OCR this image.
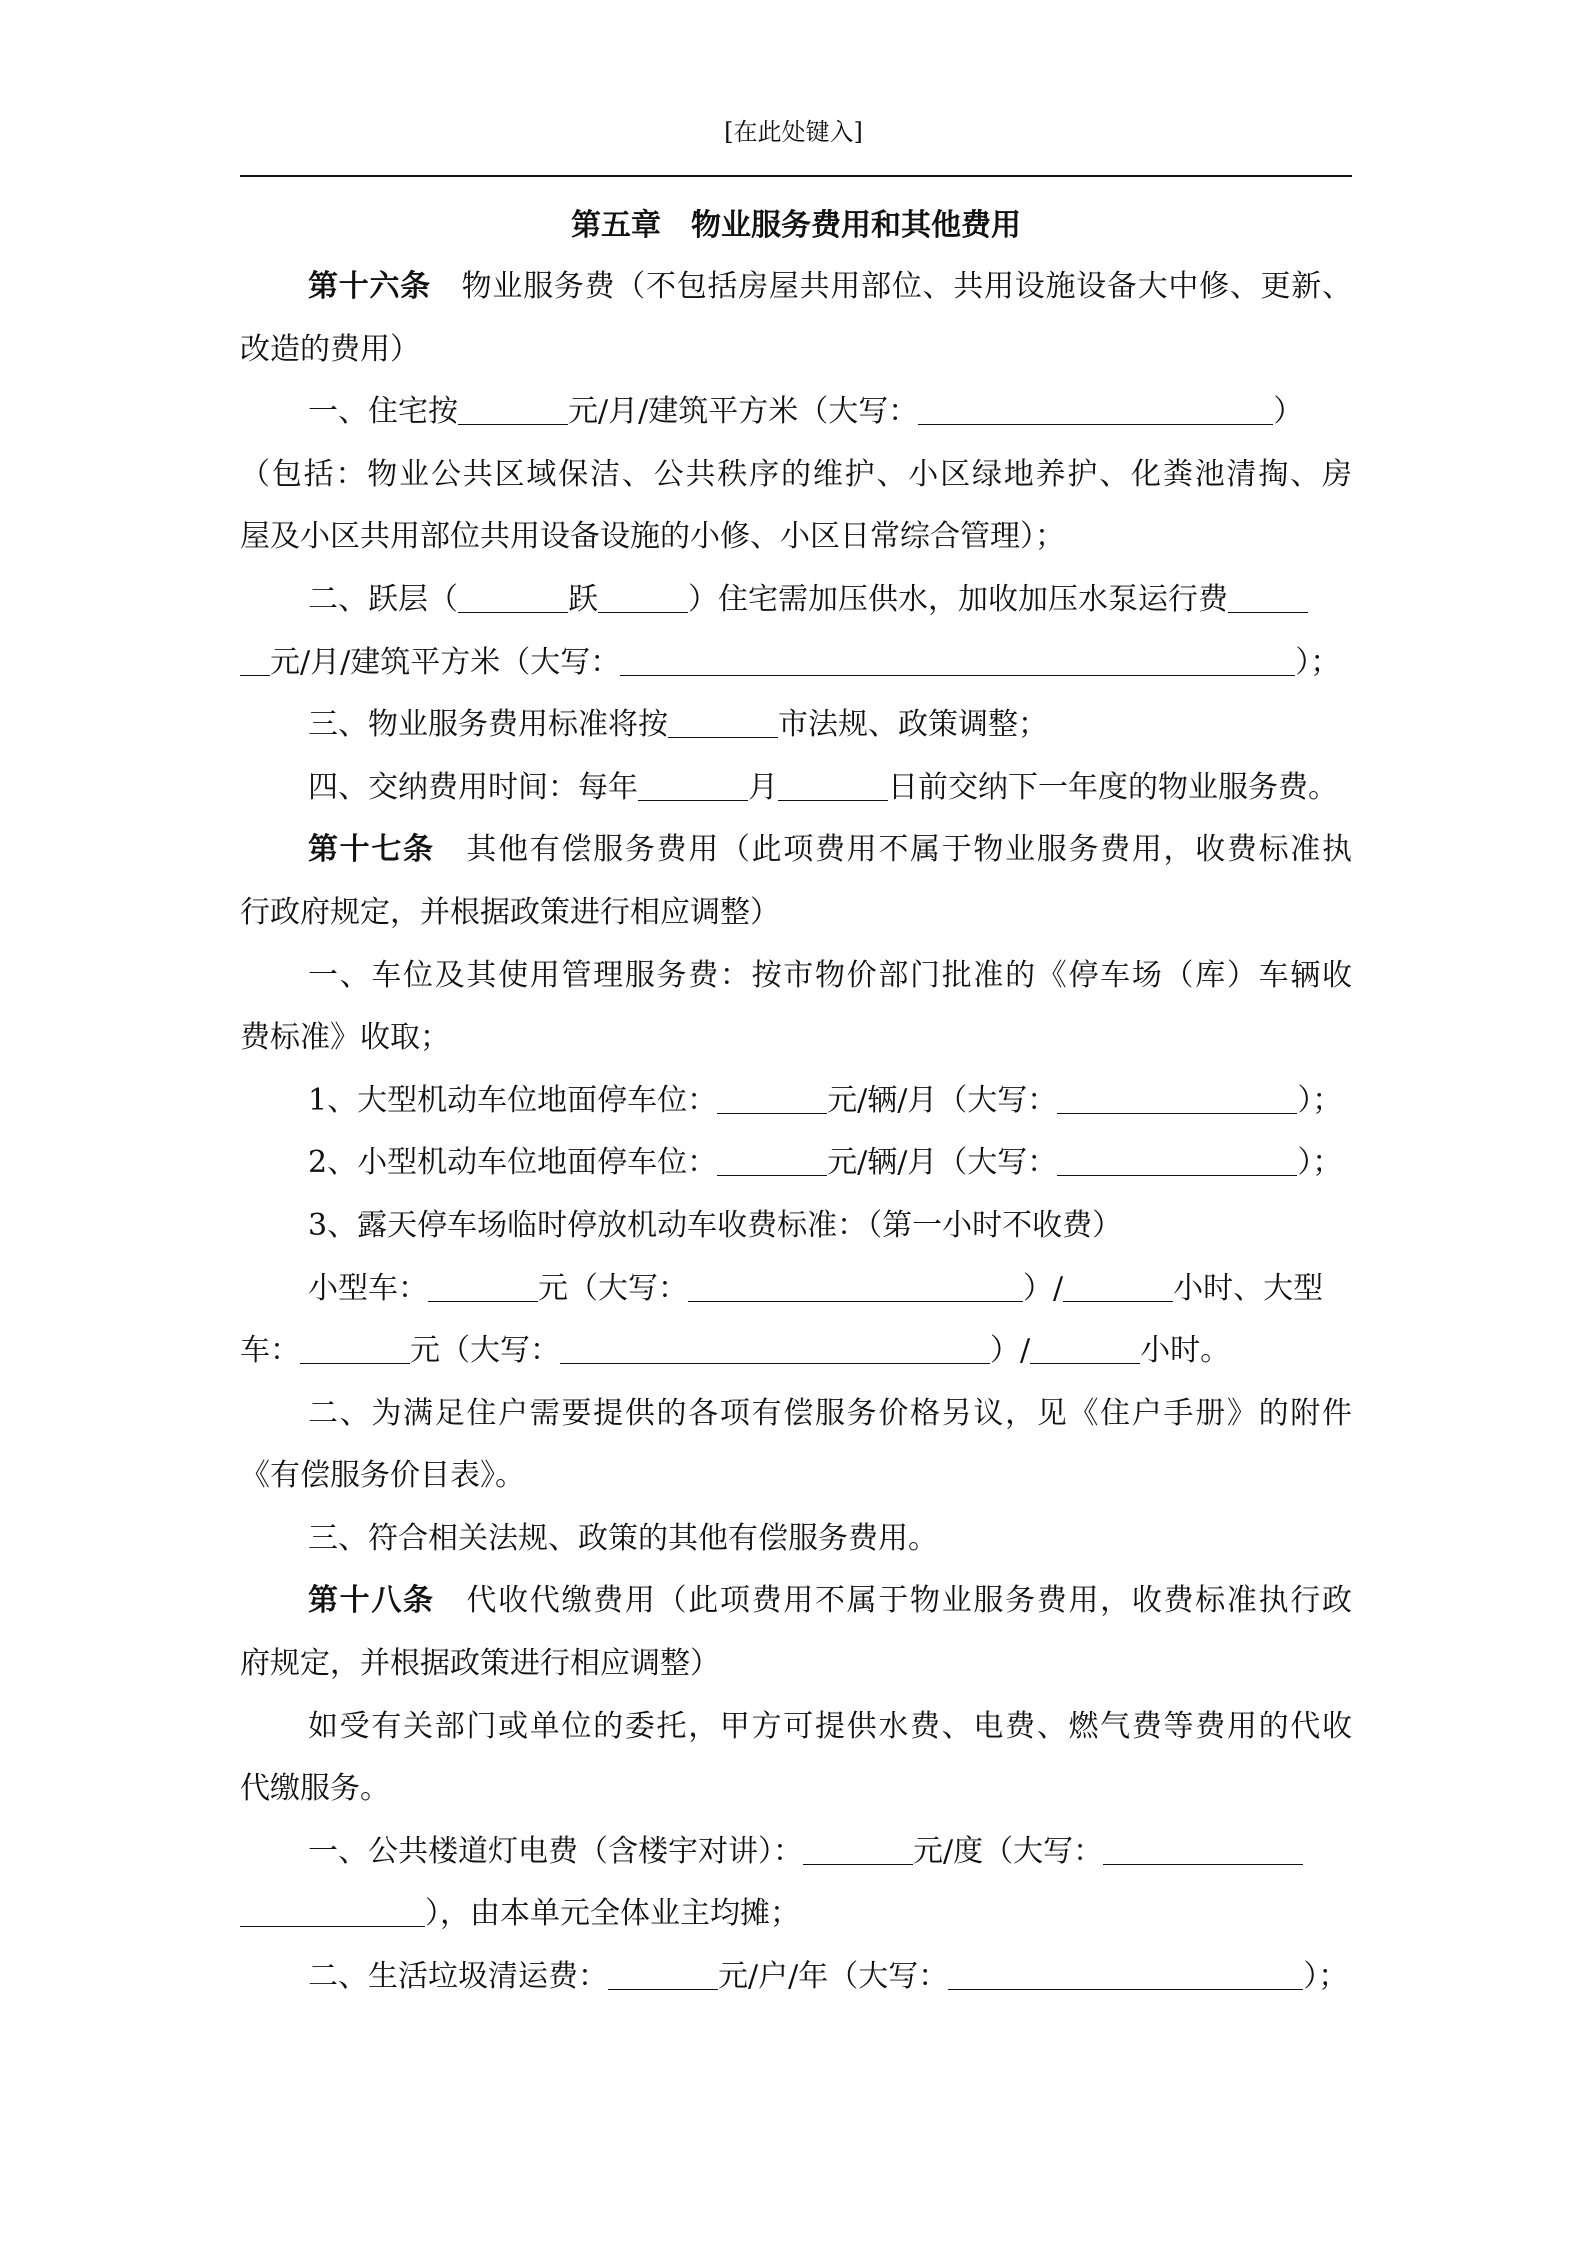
[在此处键入]
第五章　物业服务费用和其他费用
第十六条　物业服务费（不包括房屋共用部位、共用设施设备大中修、更新、
改造的费用）
一、住宅按	元/月/建筑平方米（大写：	）
（包括：物业公共区域保洁、公共秩序的维护、小区绿地养护、化粪池清掏、房
屋及小区共用部位共用设备设施的小修、小区日常综合管理）；
二、跃层（	跃	）住宅需加压供水，加收加压水泵运行费
元/月/建筑平方米（大写：	）；
三、物业服务费用标准将按	市法规、政策调整；
四、交纳费用时间：每年	月	日前交纳下一年度的物业服务费。
第十七条　其他有偿服务费用（此项费用不属于物业服务费用，收费标准执
行政府规定，并根据政策进行相应调整）
一、车位及其使用管理服务费：按市物价部门批准的《停车场（库）车辆收
费标准》收取；
1、大型机动车位地面停车位：	元/辆/月（大写：	）；
2、小型机动车位地面停车位：	元/辆/月（大写：	）；
3、露天停车场临时停放机动车收费标准：（第一小时不收费）
小型车：	元（大写：	）/	小时、大型
车：	元（大写：	）/	小时。
二、为满足住户需要提供的各项有偿服务价格另议，见《住户手册》的附件
《有偿服务价目表》。
三、符合相关法规、政策的其他有偿服务费用。
第十八条　代收代缴费用（此项费用不属于物业服务费用，收费标准执行政
府规定，并根据政策进行相应调整）
如受有关部门或单位的委托，甲方可提供水费、电费、燃气费等费用的代收
代缴服务。
一、公共楼道灯电费（含楼宇对讲）：	元/度（大写：
），由本单元全体业主均摊；
二、生活垃圾清运费：	元/户/年（大写：	）；
